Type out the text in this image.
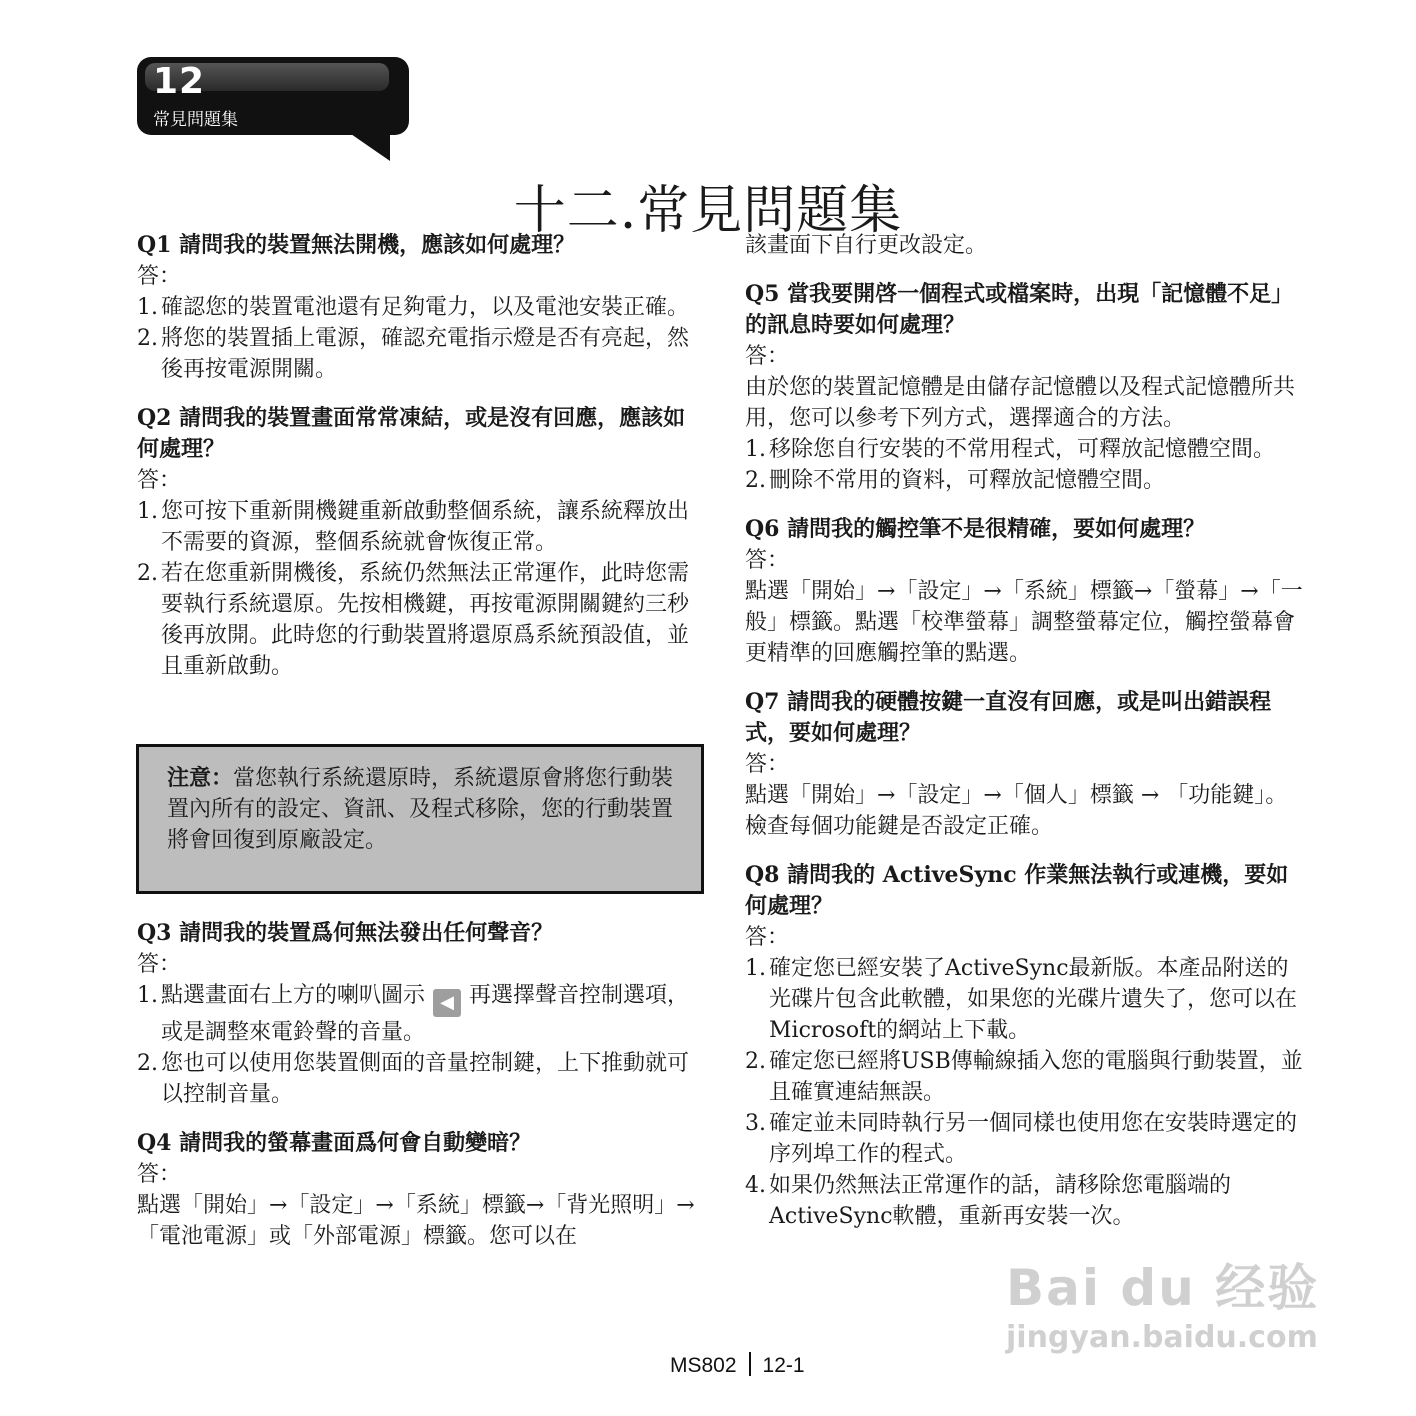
12
常見問題集
十二.常見問題集

Q1 請問我的裝置無法開機，應該如何處理？

答：

1. 確認您的裝置電池還有足夠電力，以及電池安裝正確。

2. 將您的裝置插上電源，確認充電指示燈是否有亮起，然後再按電源開關。

Q2 請問我的裝置畫面常常凍結，或是沒有回應，應該如何處理？

答：

1. 您可按下重新開機鍵重新啟動整個系統，讓系統釋放出不需要的資源，整個系統就會恢復正常。

2. 若在您重新開機後，系統仍然無法正常運作，此時您需要執行系統還原。先按相機鍵，再按電源開關鍵約三秒後再放開。此時您的行動裝置將還原爲系統預設值，並且重新啟動。

注意：當您執行系統還原時，系統還原會將您行動裝置內所有的設定、資訊、及程式移除，您的行動裝置將會回復到原廠設定。

Q3 請問我的裝置爲何無法發出任何聲音？

答：

1. 點選畫面右上方的喇叭圖示 ◀ 再選擇聲音控制選項，或是調整來電鈴聲的音量。

2. 您也可以使用您裝置側面的音量控制鍵，上下推動就可以控制音量。

Q4 請問我的螢幕畫面爲何會自動變暗？

答：

點選「開始」→「設定」→「系統」標籤→「背光照明」→「電池電源」或「外部電源」標籤。您可以在

該畫面下自行更改設定。

Q5 當我要開啓一個程式或檔案時，出現「記憶體不足」的訊息時要如何處理？

答：

由於您的裝置記憶體是由儲存記憶體以及程式記憶體所共用，您可以參考下列方式，選擇適合的方法。

1. 移除您自行安裝的不常用程式，可釋放記憶體空間。

2. 刪除不常用的資料，可釋放記憶體空間。

Q6 請問我的觸控筆不是很精確，要如何處理？

答：

點選「開始」→「設定」→「系統」標籤→「螢幕」→「一般」標籤。點選「校準螢幕」調整螢幕定位，觸控螢幕會更精準的回應觸控筆的點選。

Q7 請問我的硬體按鍵一直沒有回應，或是叫出錯誤程式，要如何處理？

答：

點選「開始」→「設定」→「個人」標籤 → 「功能鍵」。檢查每個功能鍵是否設定正確。

Q8 請問我的 ActiveSync 作業無法執行或連機，要如何處理？

答：

1. 確定您已經安裝了ActiveSync最新版。本產品附送的光碟片包含此軟體，如果您的光碟片遺失了，您可以在Microsoft的網站上下載。

2. 確定您已經將USB傳輸線插入您的電腦與行動裝置，並且確實連結無誤。

3. 確定並未同時執行另一個同樣也使用您在安裝時選定的序列埠工作的程式。

4. 如果仍然無法正常運作的話，請移除您電腦端的ActiveSync軟體，重新再安裝一次。

Bai du 经验
jingyan.baidu.com
MS802 12-1
